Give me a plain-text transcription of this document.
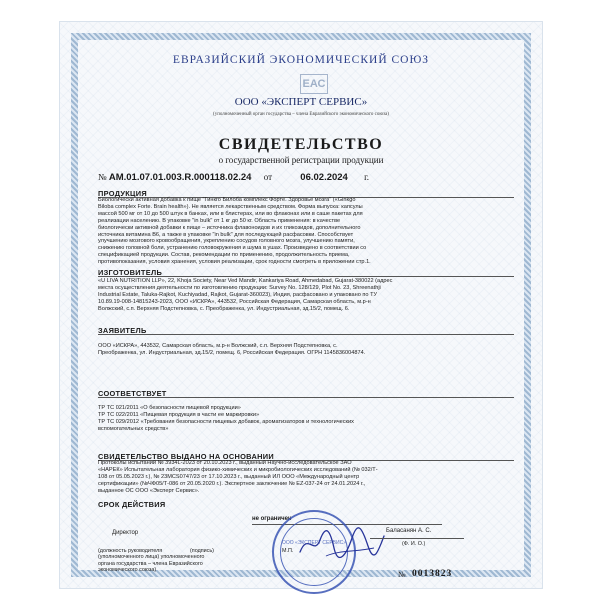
ЕВРАЗИЙСКИЙ ЭКОНОМИЧЕСКИЙ СОЮЗ
ЕАС
ООО «ЭКСПЕРТ СЕРВИС»
(уполномоченный орган государства – члена Евразийского экономического союза)
СВИДЕТЕЛЬСТВО
о государственной регистрации продукции
№ AM.01.07.01.003.R.000118.02.24 от	06.02.2024 г.
ПРОДУКЦИЯ

Биологически активная добавка к пище "Гинкго Билоба комплекс Форте. Здоровье мозга" («Ginkgo

Biloba complex Forte. Brain health»). Не является лекарственным средством. Форма выпуска: капсулы

массой 500 мг от 10 до 500 штук в банках, или в блистерах, или во флаконах или в саше пакетах для

реализации населению. В упаковке "in bulk" от 1 кг до 50 кг. Область применения: в качестве

биологически активной добавки к пище – источника флавоноидов и их гликозидов, дополнительного

источника витамина В6, а также в упаковке "in bulk" для последующей расфасовки. Способствует

улучшению мозгового кровообращения, укреплению сосудов головного мозга, улучшению памяти,

снижению головной боли, устранению головокружения и шума в ушах. Произведено в соответствии со

спецификацией продукции. Состав, рекомендации по применению, продолжительность приема,

противопоказания, условия хранения, условия реализации, срок годности смотреть в приложении стр.1.

ИЗГОТОВИТЕЛЬ

«U LIVA NUTRITION LLP», 22, Khoja Society, Near Ved Mandir, Kankariya Road, Ahmedabad, Gujarat-380022 (адрес

места осуществления деятельности по изготовлению продукции: Survey No. 128/129, Plot No. 23, Shreenathji

Industrial Estate, Taluka-Rajkot, Kuchiyadad, Rajkot, Gujarat-360023), Индия, расфасовано и упаковано по ТУ

10.89.19-008-14815243-2023, ООО «ИСКРА», 443532, Российская Федерация, Самарская область, м.р-н

Волжский, с.п. Верхняя Подстепновка, с. Преображенка, ул. Индустриальная, зд.15/2, помещ. 6.

ЗАЯВИТЕЛЬ

ООО «ИСКРА», 443532, Самарская область, м.р-н Волжский, с.п. Верхняя Подстепновка, с.

Преображенка, ул. Индустриальная, зд.15/2, помещ. 6, Российская Федерация. ОГРН 1145836004874.

СООТВЕТСТВУЕТ

ТР ТС 021/2011 «О безопасности пищевой продукции»

ТР ТС 022/2011 «Пищевая продукция в части ее маркировки»

ТР ТС 029/2012 «Требования безопасности пищевых добавок, ароматизаторов и технологических

вспомогательных средств»

СВИДЕТЕЛЬСТВО ВЫДАНО НА ОСНОВАНИИ

Протоколы испытаний № 3934L-2023 от 20.10.2023 г., выданный Научно-исследовательское ЗАО

«НАРЕК» Испытательная лаборатория физико-химических и микробиологических исследований (№ 032/Т-

108 от 05.05.2023 г.), № 23МСS0747/23 от 17.10.2023 г., выданный ИЛ ООО «Международный центр

сертификации» (№ЧФ05/Т-086 от 20.05.2020 г.). Экспертное заключение № EZ-037-24 от 24.01.2024 г.,

выданное ОС ООО «Эксперт Сервис».

СРОК ДЕЙСТВИЯ
не ограничен
ООО «ЭКСПЕРТ СЕРВИС»
Директор
(должность руководителя
(уполномоченного лица) уполномоченного
органа государства – члена Евразийского
экономического союза)
(подпись)	М.П.
Баласанян А. С.
(Ф. И. О.)
№ 0013823
